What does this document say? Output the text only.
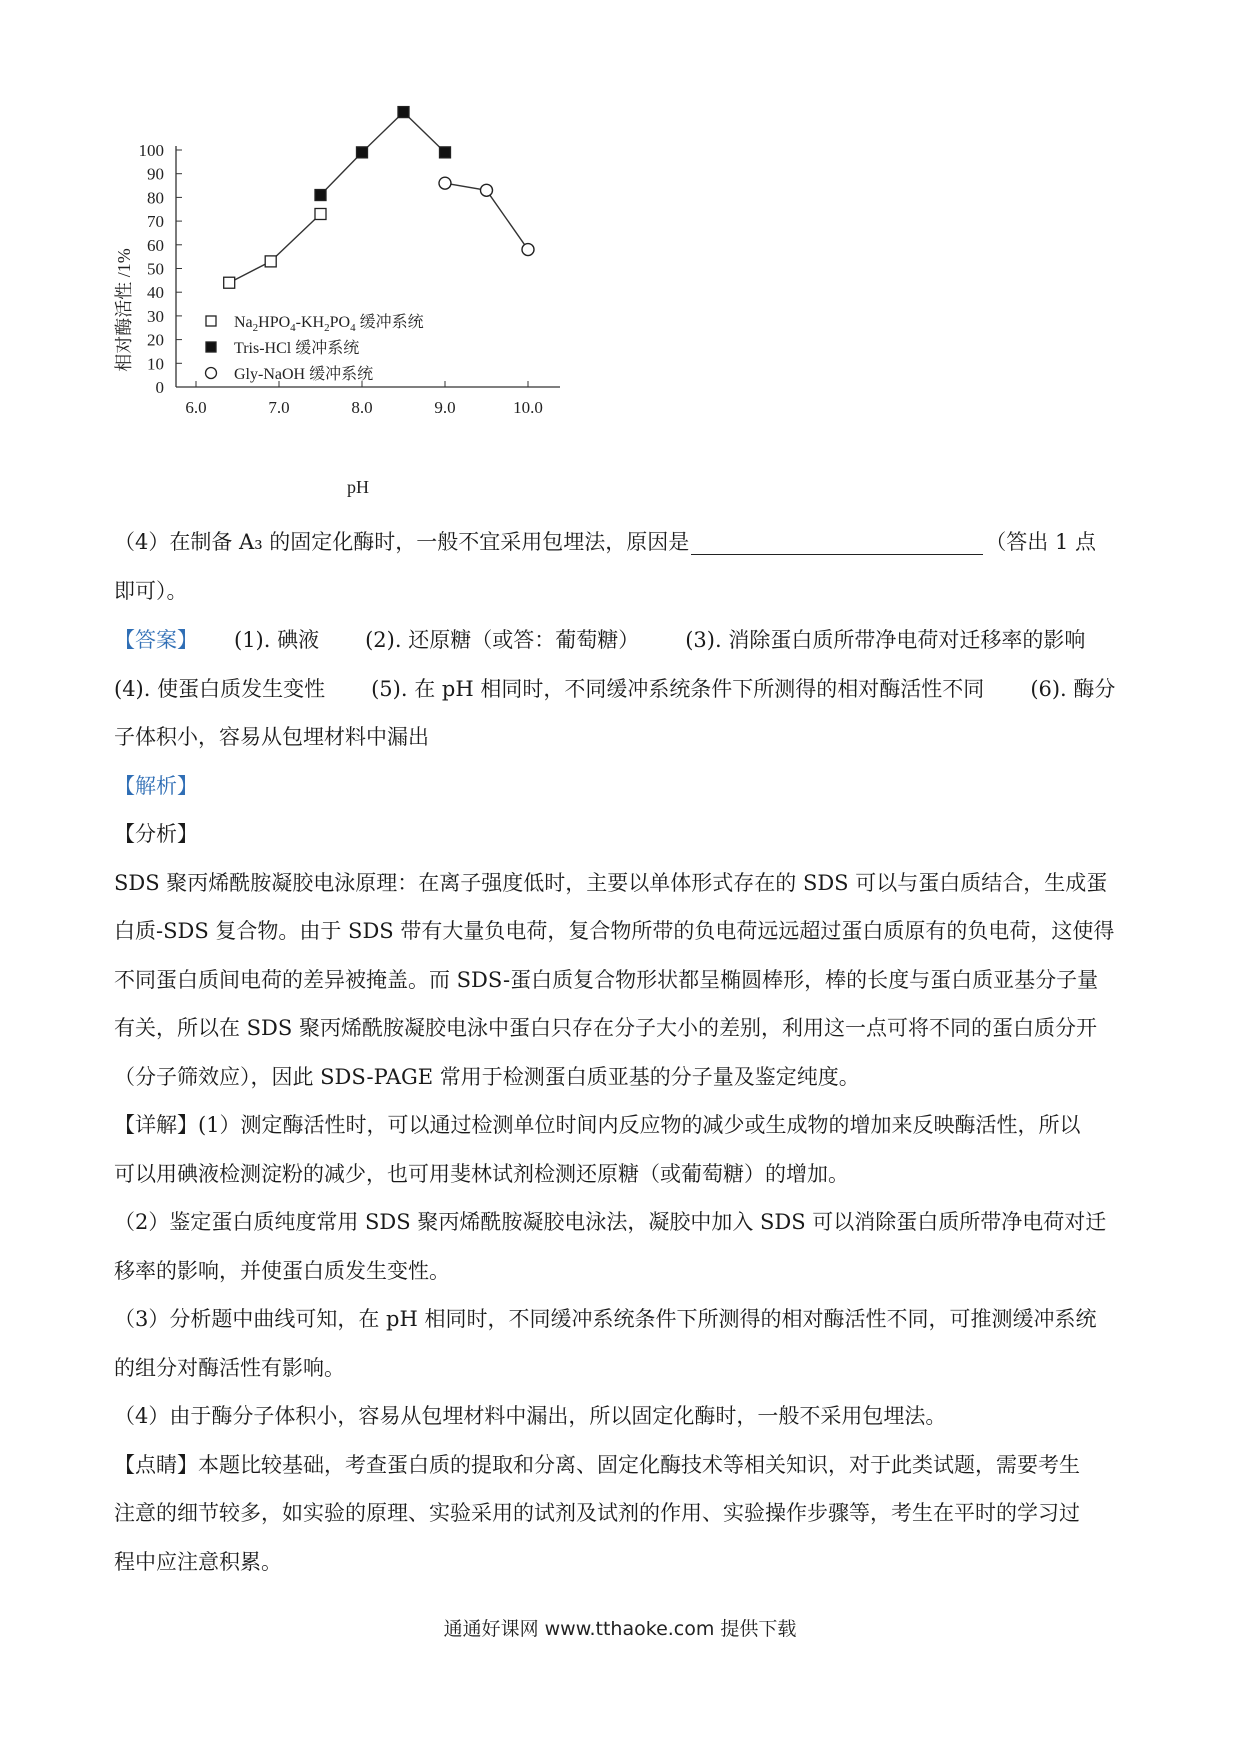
0
10
20
30
40
50
60
70
80
90
100
6.0	7.0	8.0	9.0	10.0
相对酶活性 /1%
pH
$Na_2HPO_4-KH_2PO_4$ 缓冲系统
Tris-HCl 缓冲系统
Gly-NaOH 缓冲系统
（4）在制备 A₃ 的固定化酶时，一般不宜采用包埋法，原因是	（答出 1 点
即可）。
【答案】 (1). 碘液 (2). 还原糖（或答：葡萄糖） (3). 消除蛋白质所带净电荷对迁移率的影响
(4). 使蛋白质发生变性 (5). 在 pH 相同时，不同缓冲系统条件下所测得的相对酶活性不同 (6). 酶分
子体积小，容易从包埋材料中漏出
【解析】
【分析】
SDS 聚丙烯酰胺凝胶电泳原理：在离子强度低时，主要以单体形式存在的 SDS 可以与蛋白质结合，生成蛋
白质-SDS 复合物。由于 SDS 带有大量负电荷，复合物所带的负电荷远远超过蛋白质原有的负电荷，这使得
不同蛋白质间电荷的差异被掩盖。而 SDS-蛋白质复合物形状都呈椭圆棒形，棒的长度与蛋白质亚基分子量
有关，所以在 SDS 聚丙烯酰胺凝胶电泳中蛋白只存在分子大小的差别，利用这一点可将不同的蛋白质分开
（分子筛效应），因此 SDS-PAGE 常用于检测蛋白质亚基的分子量及鉴定纯度。
【详解】(1）测定酶活性时，可以通过检测单位时间内反应物的减少或生成物的增加来反映酶活性，所以
可以用碘液检测淀粉的减少，也可用斐林试剂检测还原糖（或葡萄糖）的增加。
（2）鉴定蛋白质纯度常用 SDS 聚丙烯酰胺凝胶电泳法，凝胶中加入 SDS 可以消除蛋白质所带净电荷对迁
移率的影响，并使蛋白质发生变性。
（3）分析题中曲线可知，在 pH 相同时，不同缓冲系统条件下所测得的相对酶活性不同，可推测缓冲系统
的组分对酶活性有影响。
（4）由于酶分子体积小，容易从包埋材料中漏出，所以固定化酶时，一般不采用包埋法。
【点睛】本题比较基础，考查蛋白质的提取和分离、固定化酶技术等相关知识，对于此类试题，需要考生
注意的细节较多，如实验的原理、实验采用的试剂及试剂的作用、实验操作步骤等，考生在平时的学习过
程中应注意积累。
通通好课网 www.tthaoke.com 提供下载
